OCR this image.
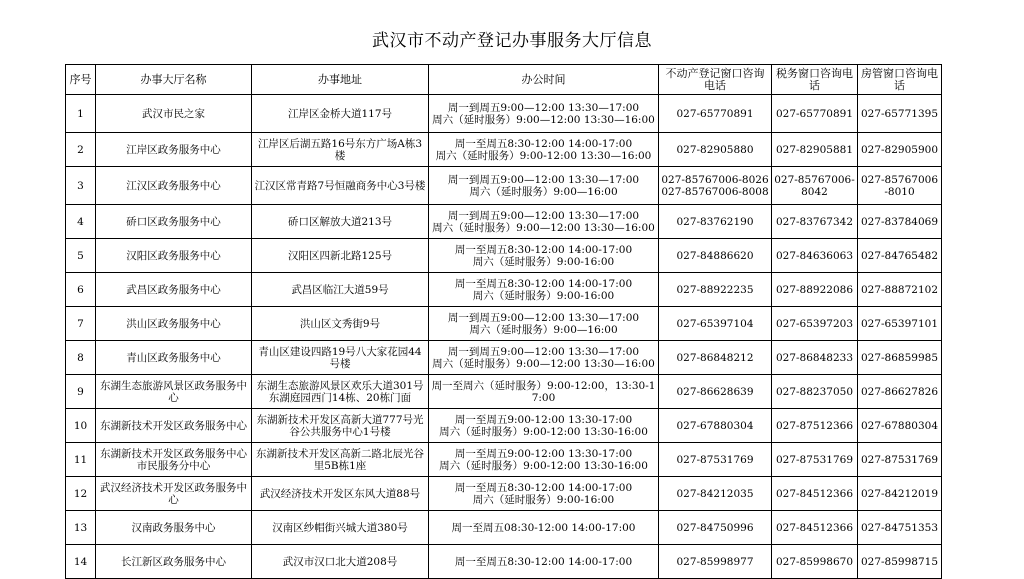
武汉市不动产登记办事服务大厅信息
序号	办事大厅名称	办事地址	办公时间	不动产登记窗口咨询电话	税务窗口咨询电话	房管窗口咨询电话
1	武汉市民之家	江岸区金桥大道117号	周一到周五9:00—12:00 13:30—17:00
周六（延时服务）9:00—12:00 13:30—16:00	027-65770891	027-65770891	027-65771395
2	江岸区政务服务中心	江岸区后湖五路16号东方广场A栋3楼	周一至周五8:30-12:00 14:00-17:00
周六（延时服务）9:00-12:00 13:30—16:00	027-82905880	027-82905881	027-82905900
3	江汉区政务服务中心	江汉区常青路7号恒融商务中心3号楼	周一到周五9:00—12:00 13:30—17:00
周六（延时服务）9:00—16:00	027-85767006-8026 027-85767006-8008	027-85767006-8042	027-85767006-8010
4	硚口区政务服务中心	硚口区解放大道213号	周一到周五9:00—12:00 13:30—17:00
周六（延时服务）9:00—12:00 13:30—16:00	027-83762190	027-83767342	027-83784069
5	汉阳区政务服务中心	汉阳区四新北路125号	周一至周五8:30-12:00 14:00-17:00
周六（延时服务）9:00-16:00	027-84886620	027-84636063	027-84765482
6	武昌区政务服务中心	武昌区临江大道59号	周一至周五8:30-12:00 14:00-17:00
周六（延时服务）9:00-16:00	027-88922235	027-88922086	027-88872102
7	洪山区政务服务中心	洪山区文秀街9号	周一到周五9:00—12:00 13:30—17:00
周六（延时服务）9:00—16:00	027-65397104	027-65397203	027-65397101
8	青山区政务服务中心	青山区建设四路19号八大家花园44号楼	周一到周五9:00—12:00 13:30—17:00
周六（延时服务）9:00—12:00 13:30—16:00	027-86848212	027-86848233	027-86859985
9	东湖生态旅游风景区政务服务中心	东湖生态旅游风景区欢乐大道301号东湖庭园西门14栋、20栋门面	周一至周六（延时服务）9:00-12:00，13:30-17:00	027-86628639	027-88237050	027-86627826
10	东湖新技术开发区政务服务中心	东湖新技术开发区高新大道777号光谷公共服务中心1号楼	周一至周五9:00-12:00 13:30-17:00
周六（延时服务）9:00-12:00 13:30-16:00	027-67880304	027-87512366	027-67880304
11	东湖新技术开发区政务服务中心市民服务分中心	东湖新技术开发区高新二路北辰光谷里5B栋1座	周一至周五9:00-12:00 13:30-17:00
周六（延时服务）9:00-12:00 13:30-16:00	027-87531769	027-87531769	027-87531769
12	武汉经济技术开发区政务服务中心	武汉经济技术开发区东风大道88号	周一至周五8:30-12:00 14:00-17:00
周六（延时服务）9:00-16:00	027-84212035	027-84512366	027-84212019
13	汉南政务服务中心	汉南区纱帽街兴城大道380号	周一至周五08:30-12:00 14:00-17:00	027-84750996	027-84512366	027-84751353
14	长江新区政务服务中心	武汉市汉口北大道208号	周一至周五8:30-12:00 14:00-17:00	027-85998977	027-85998670	027-85998715
